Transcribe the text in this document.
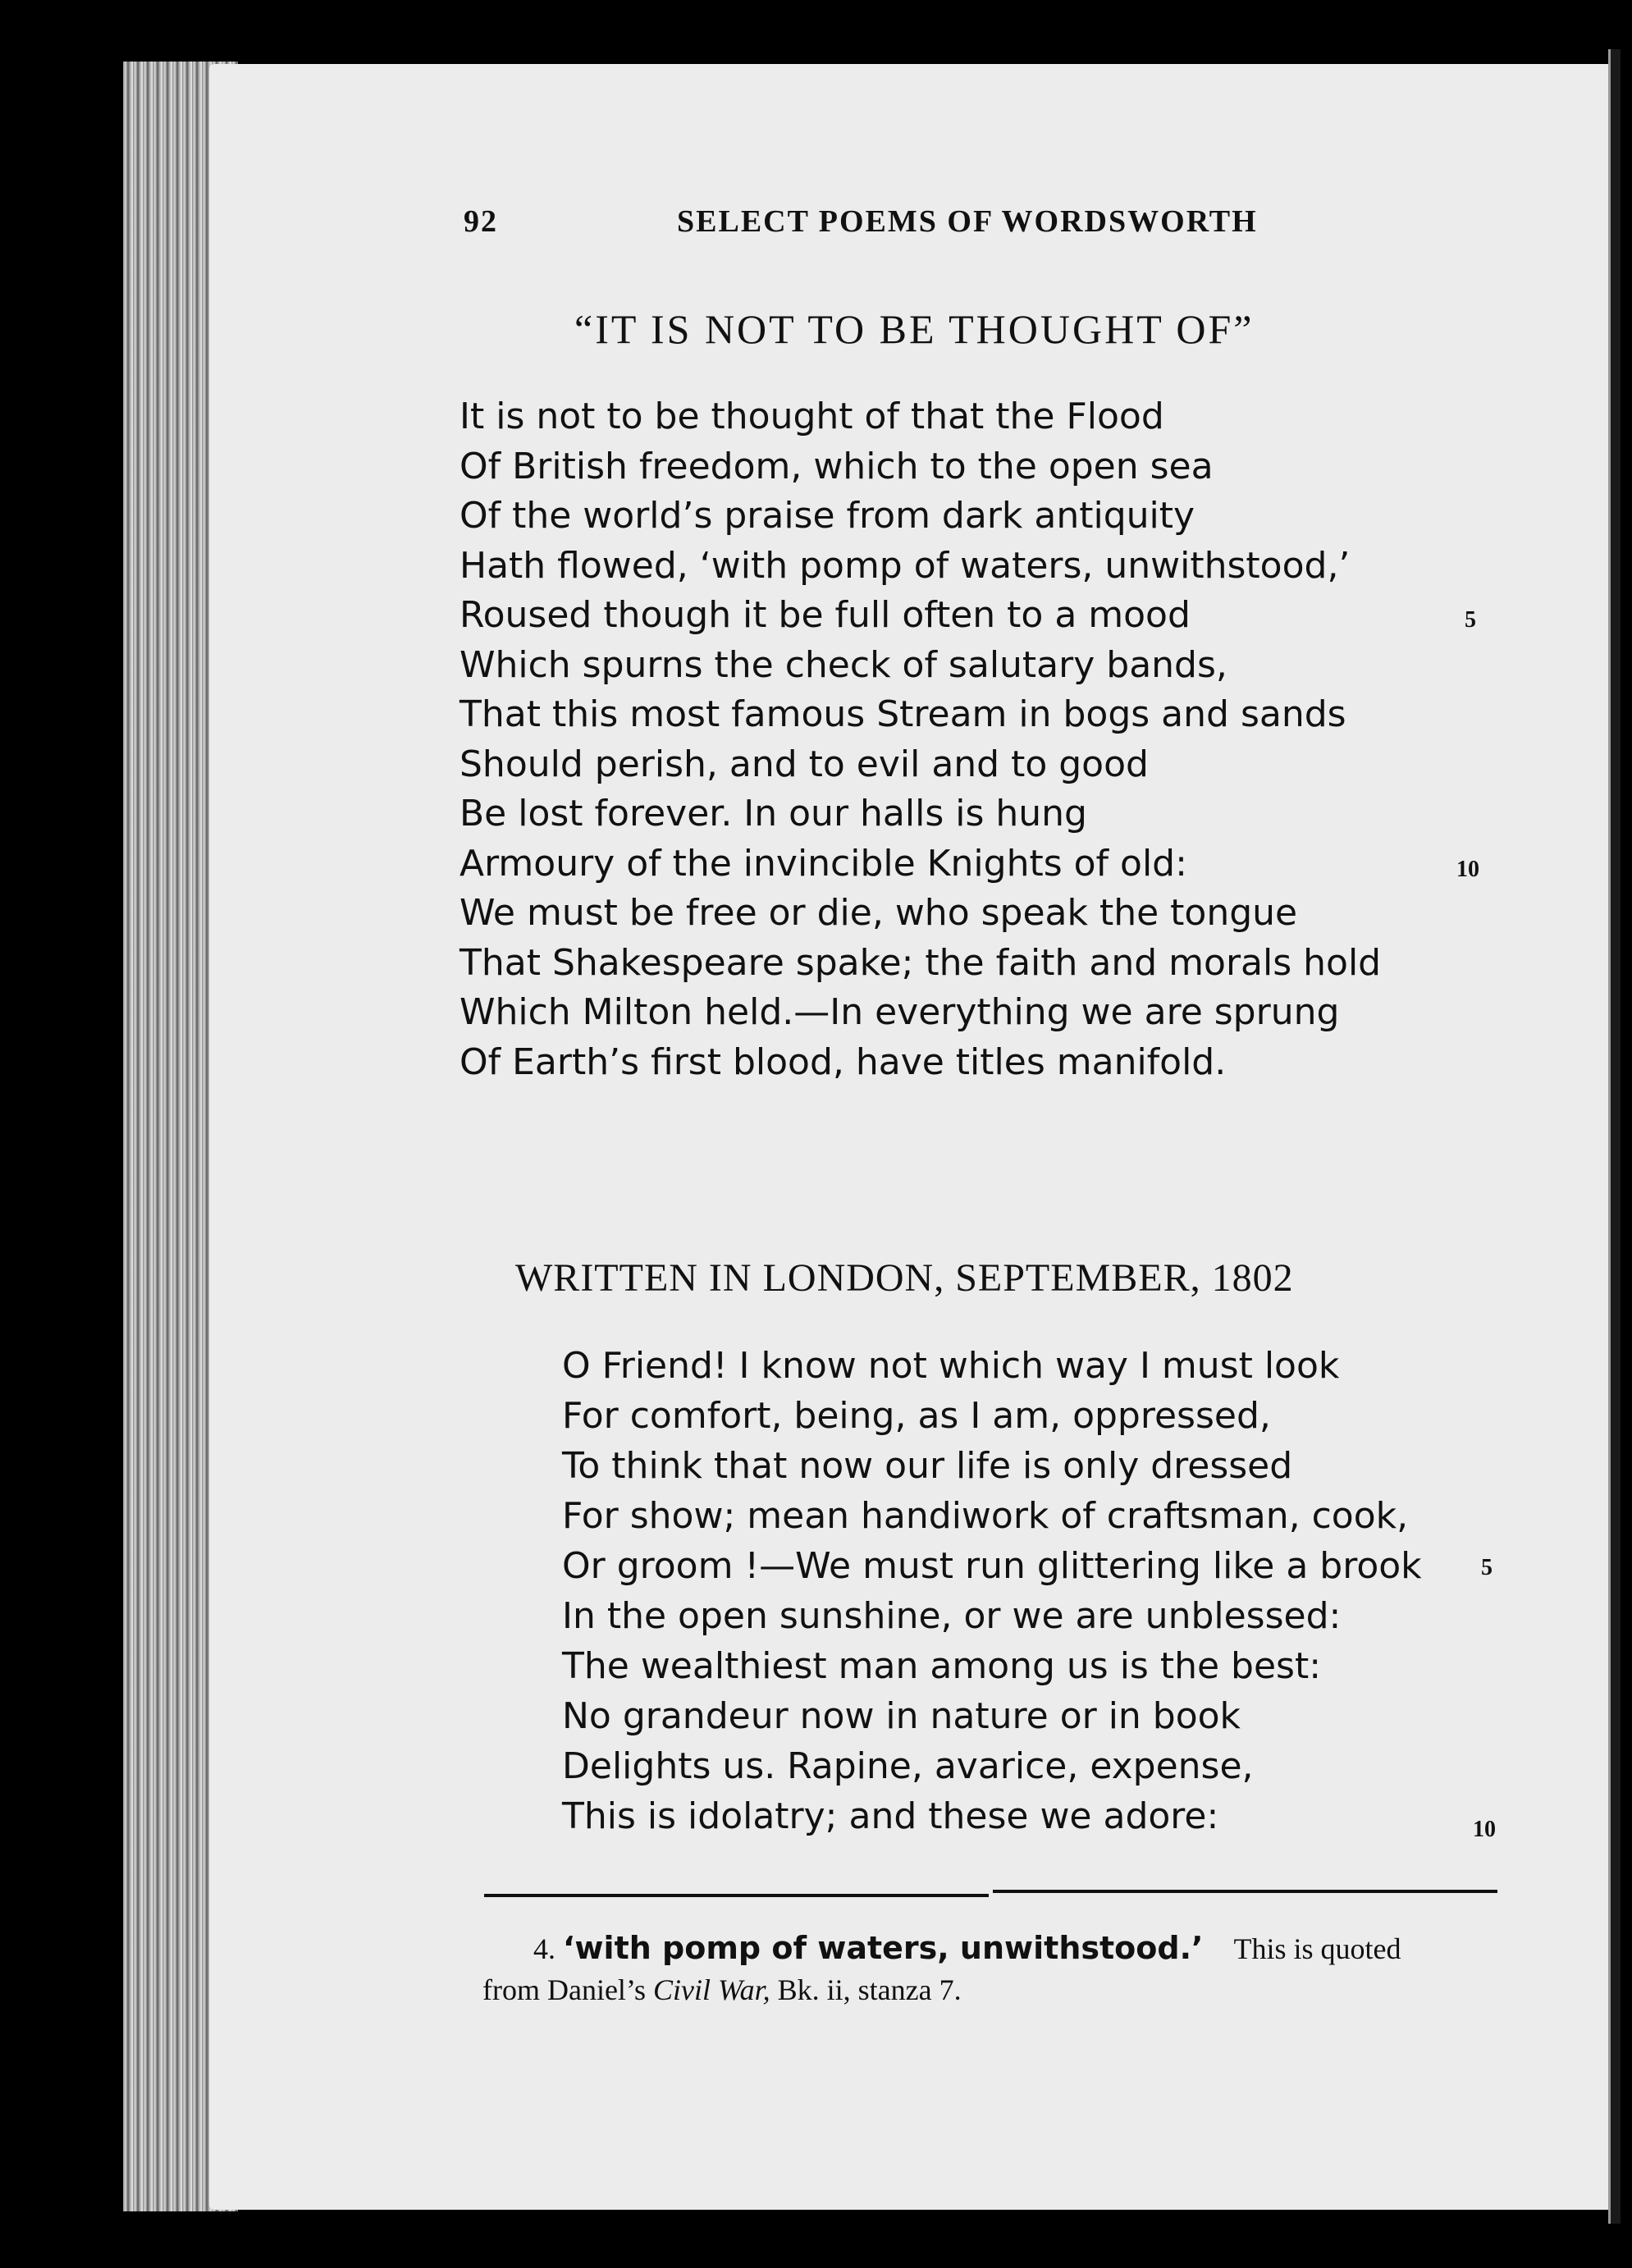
92	SELECT POEMS OF WORDSWORTH
“IT IS NOT TO BE THOUGHT OF”
It is not to be thought of that the Flood
Of British freedom, which to the open sea
Of the world’s praise from dark antiquity
Hath flowed, ‘with pomp of waters, unwithstood,’
Roused though it be full often to a mood
Which spurns the check of salutary bands,
That this most famous Stream in bogs and sands
Should perish, and to evil and to good
Be lost forever. In our halls is hung
Armoury of the invincible Knights of old:
We must be free or die, who speak the tongue
That Shakespeare spake; the faith and morals hold
Which Milton held.—In everything we are sprung
Of Earth’s first blood, have titles manifold.
5
10
WRITTEN IN LONDON, SEPTEMBER, 1802
O Friend! I know not which way I must look
For comfort, being, as I am, oppressed,
To think that now our life is only dressed
For show; mean handiwork of craftsman, cook,
Or groom !—We must run glittering like a brook
In the open sunshine, or we are unblessed:
The wealthiest man among us is the best:
No grandeur now in nature or in book
Delights us. Rapine, avarice, expense,
This is idolatry; and these we adore:
5
10
4. ‘with pomp of waters, unwithstood.’ This is quoted
from Daniel’s Civil War, Bk. ii, stanza 7.
